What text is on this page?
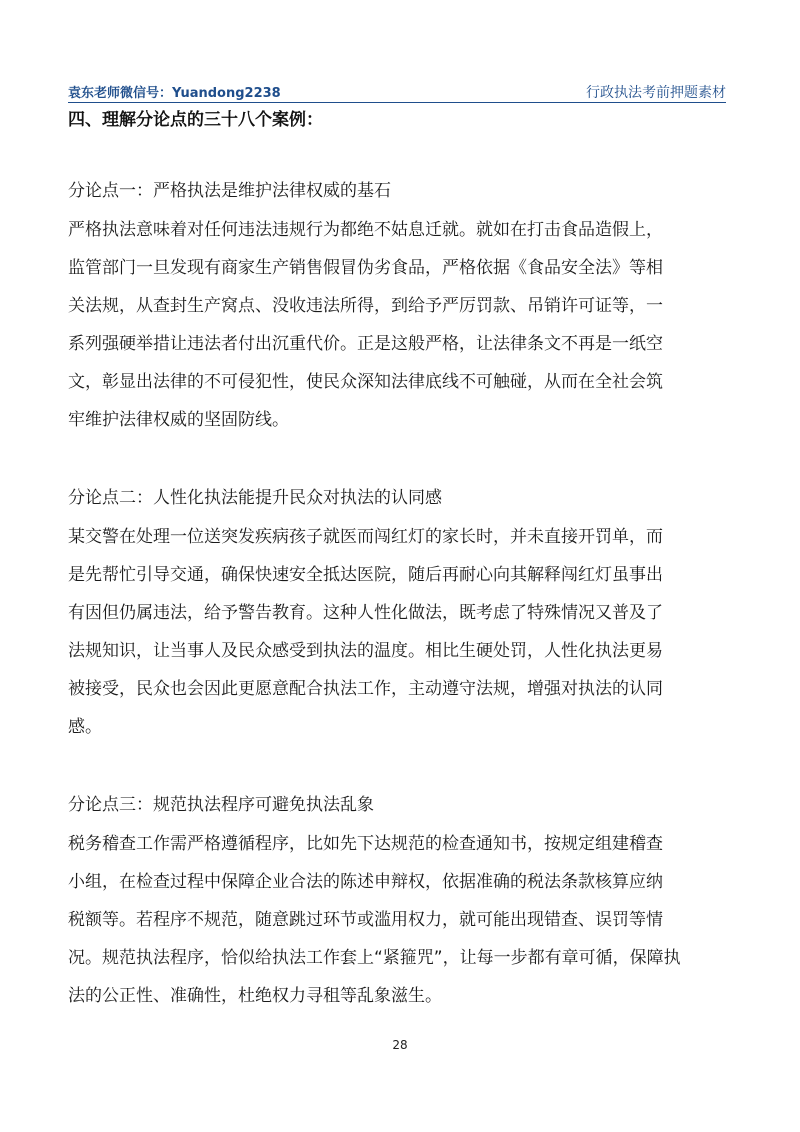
袁东老师微信号：Yuandong2238	行政执法考前押题素材
四、理解分论点的三十八个案例：

分论点一：严格执法是维护法律权威的基石

严格执法意味着对任何违法违规行为都绝不姑息迁就。就如在打击食品造假上，
监管部门一旦发现有商家生产销售假冒伪劣食品，严格依据《食品安全法》等相
关法规，从查封生产窝点、没收违法所得，到给予严厉罚款、吊销许可证等，一
系列强硬举措让违法者付出沉重代价。正是这般严格，让法律条文不再是一纸空
文，彰显出法律的不可侵犯性，使民众深知法律底线不可触碰，从而在全社会筑
牢维护法律权威的坚固防线。

分论点二：人性化执法能提升民众对执法的认同感

某交警在处理一位送突发疾病孩子就医而闯红灯的家长时，并未直接开罚单，而
是先帮忙引导交通，确保快速安全抵达医院，随后再耐心向其解释闯红灯虽事出
有因但仍属违法，给予警告教育。这种人性化做法，既考虑了特殊情况又普及了
法规知识，让当事人及民众感受到执法的温度。相比生硬处罚，人性化执法更易
被接受，民众也会因此更愿意配合执法工作，主动遵守法规，增强对执法的认同
感。

分论点三：规范执法程序可避免执法乱象

税务稽查工作需严格遵循程序，比如先下达规范的检查通知书，按规定组建稽查
小组，在检查过程中保障企业合法的陈述申辩权，依据准确的税法条款核算应纳
税额等。若程序不规范，随意跳过环节或滥用权力，就可能出现错查、误罚等情
况。规范执法程序，恰似给执法工作套上“紧箍咒”，让每一步都有章可循，保障执
法的公正性、准确性，杜绝权力寻租等乱象滋生。

28
